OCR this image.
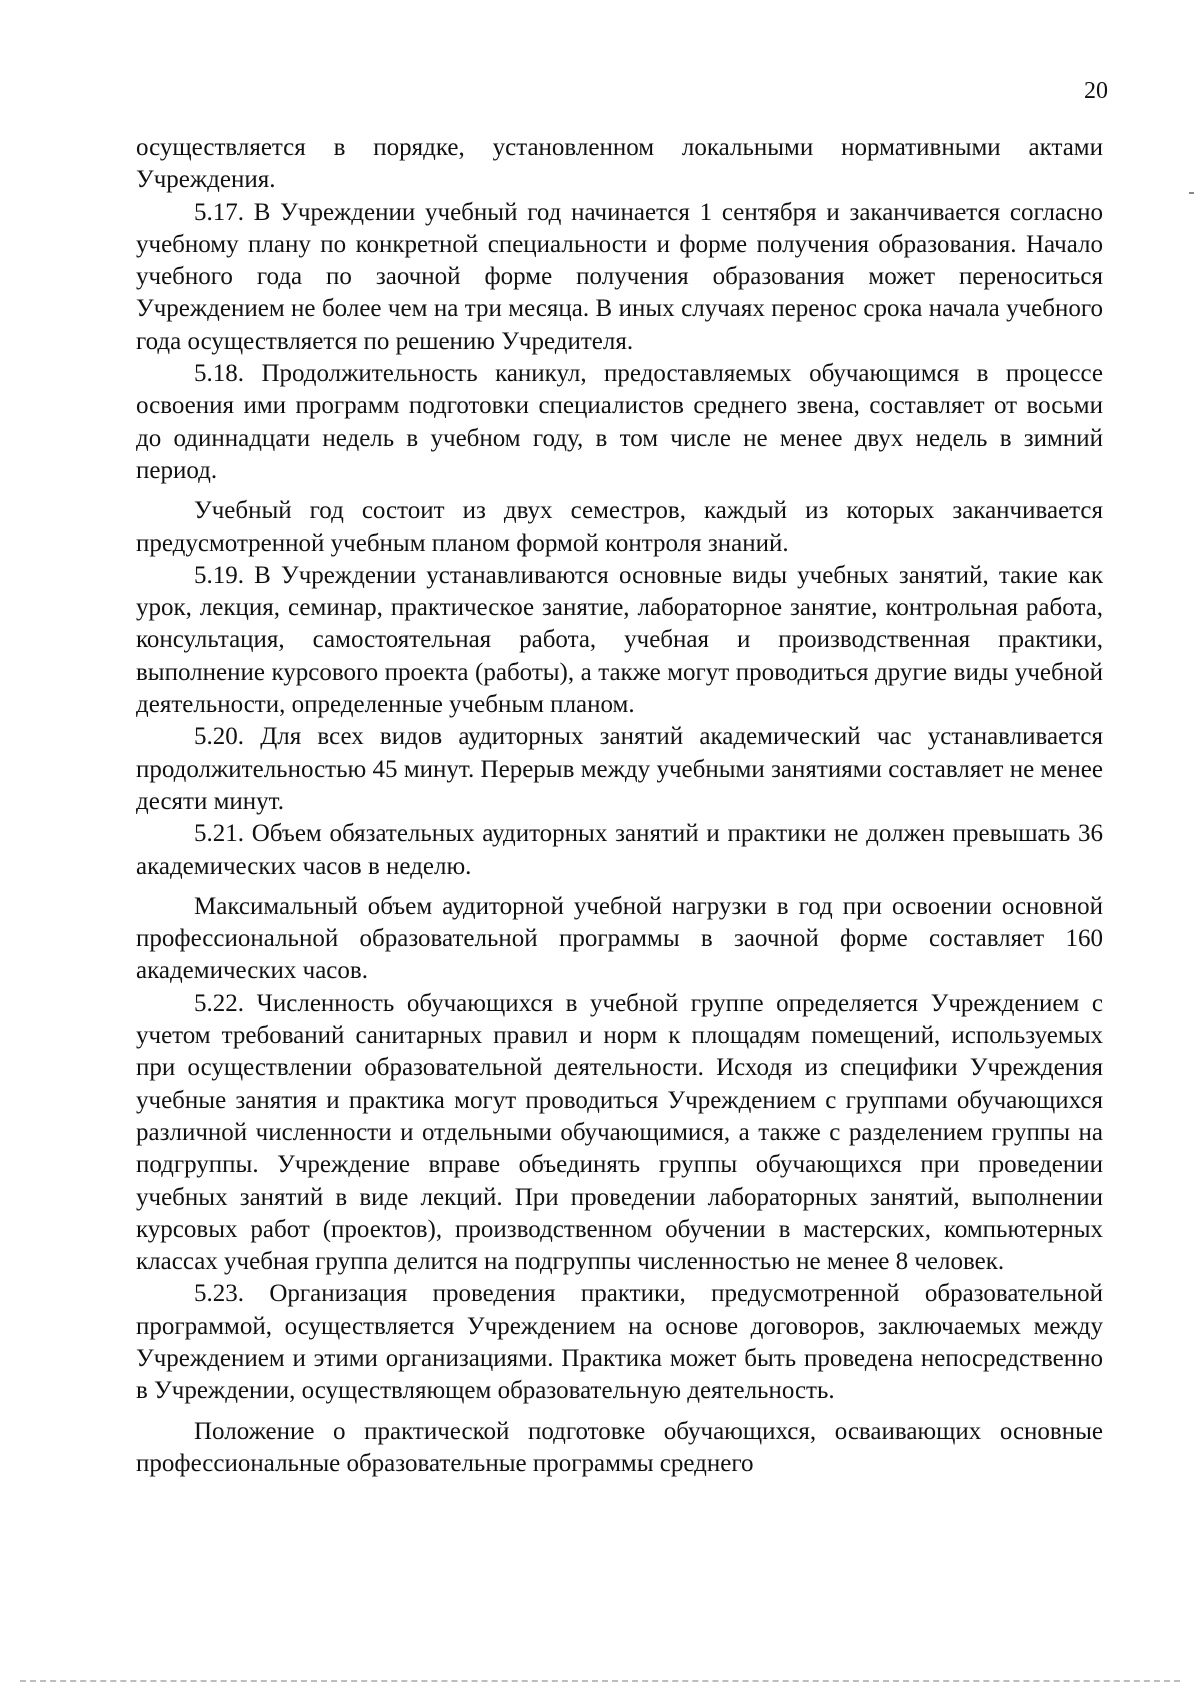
20

осуществляется в порядке, установленном локальными нормативными актами Учреждения.

5.17. В Учреждении учебный год начинается 1 сентября и заканчивается согласно учебному плану по конкретной специальности и форме получения образования. Начало учебного года по заочной форме получения образования может переноситься Учреждением не более чем на три месяца. В иных случаях перенос срока начала учебного года осуществляется по решению Учредителя.

5.18. Продолжительность каникул, предоставляемых обучающимся в процессе освоения ими программ подготовки специалистов среднего звена, составляет от восьми до одиннадцати недель в учебном году, в том числе не менее двух недель в зимний период.

Учебный год состоит из двух семестров, каждый из которых заканчивается предусмотренной учебным планом формой контроля знаний.

5.19. В Учреждении устанавливаются основные виды учебных занятий, такие как урок, лекция, семинар, практическое занятие, лабораторное занятие, контрольная работа, консультация, самостоятельная работа, учебная и производственная практики, выполнение курсового проекта (работы), а также могут проводиться другие виды учебной деятельности, определенные учебным планом.

5.20. Для всех видов аудиторных занятий академический час устанавливается продолжительностью 45 минут. Перерыв между учебными занятиями составляет не менее десяти минут.

5.21. Объем обязательных аудиторных занятий и практики не должен превышать 36 академических часов в неделю.

Максимальный объем аудиторной учебной нагрузки в год при освоении основной профессиональной образовательной программы в заочной форме составляет 160 академических часов.

5.22. Численность обучающихся в учебной группе определяется Учреждением с учетом требований санитарных правил и норм к площадям помещений, используемых при осуществлении образовательной деятельности. Исходя из специфики Учреждения учебные занятия и практика могут проводиться Учреждением с группами обучающихся различной численности и отдельными обучающимися, а также с разделением группы на подгруппы. Учреждение вправе объединять группы обучающихся при проведении учебных занятий в виде лекций. При проведении лабораторных занятий, выполнении курсовых работ (проектов), производственном обучении в мастерских, компьютерных классах учебная группа делится на подгруппы численностью не менее 8 человек.

5.23. Организация проведения практики, предусмотренной образовательной программой, осуществляется Учреждением на основе договоров, заключаемых между Учреждением и этими организациями. Практика может быть проведена непосредственно в Учреждении, осуществляющем образовательную деятельность.

Положение о практической подготовке обучающихся, осваивающих основные профессиональные образовательные программы среднего
